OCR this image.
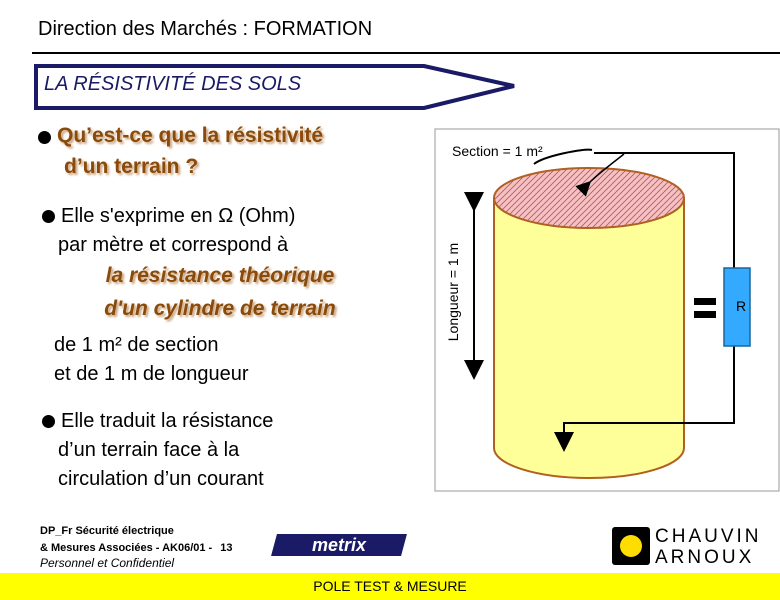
Direction des Marchés : FORMATION
LA RÉSISTIVITÉ DES SOLS
Qu’est-ce que la résistivité
d’un terrain ?
Elle s'exprime en Ω (Ohm)
par mètre et correspond à
la résistance théorique
d'un cylindre de terrain
de 1 m² de section
et de 1 m de longueur
Elle traduit la résistance
d’un terrain face à la
circulation d’un courant
Section = 1 m²
Longueur = 1 m	R
DP_Fr Sécurité électrique
& Mesures Associées - AK06/01 - 13
Personnel et Confidentiel
metrix	CHAUVIN
ARNOUX
POLE TEST & MESURE
